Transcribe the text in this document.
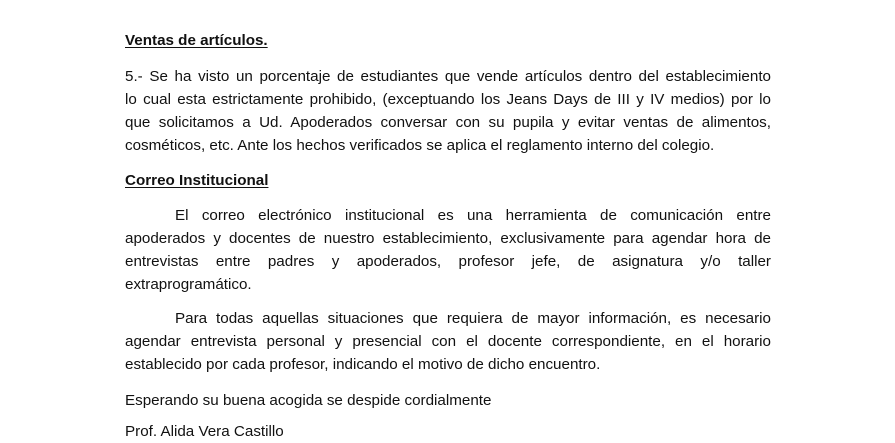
Ventas de artículos.
5.- Se ha visto un porcentaje de estudiantes que vende artículos dentro del establecimiento
lo cual esta estrictamente prohibido, (exceptuando los Jeans Days de III y IV medios) por lo
que solicitamos a Ud. Apoderados conversar con su pupila y evitar ventas de alimentos,
cosméticos, etc. Ante los hechos verificados se aplica el reglamento interno del colegio.
Correo Institucional
El correo electrónico institucional es una herramienta de comunicación entre
apoderados y docentes de nuestro establecimiento, exclusivamente para agendar hora de
entrevistas entre padres y apoderados, profesor jefe, de asignatura y/o taller
extraprogramático.
Para todas aquellas situaciones que requiera de mayor información, es necesario
agendar entrevista personal y presencial con el docente correspondiente, en el horario
establecido por cada profesor, indicando el motivo de dicho encuentro.
Esperando su buena acogida se despide cordialmente
Prof. Alida Vera Castillo
